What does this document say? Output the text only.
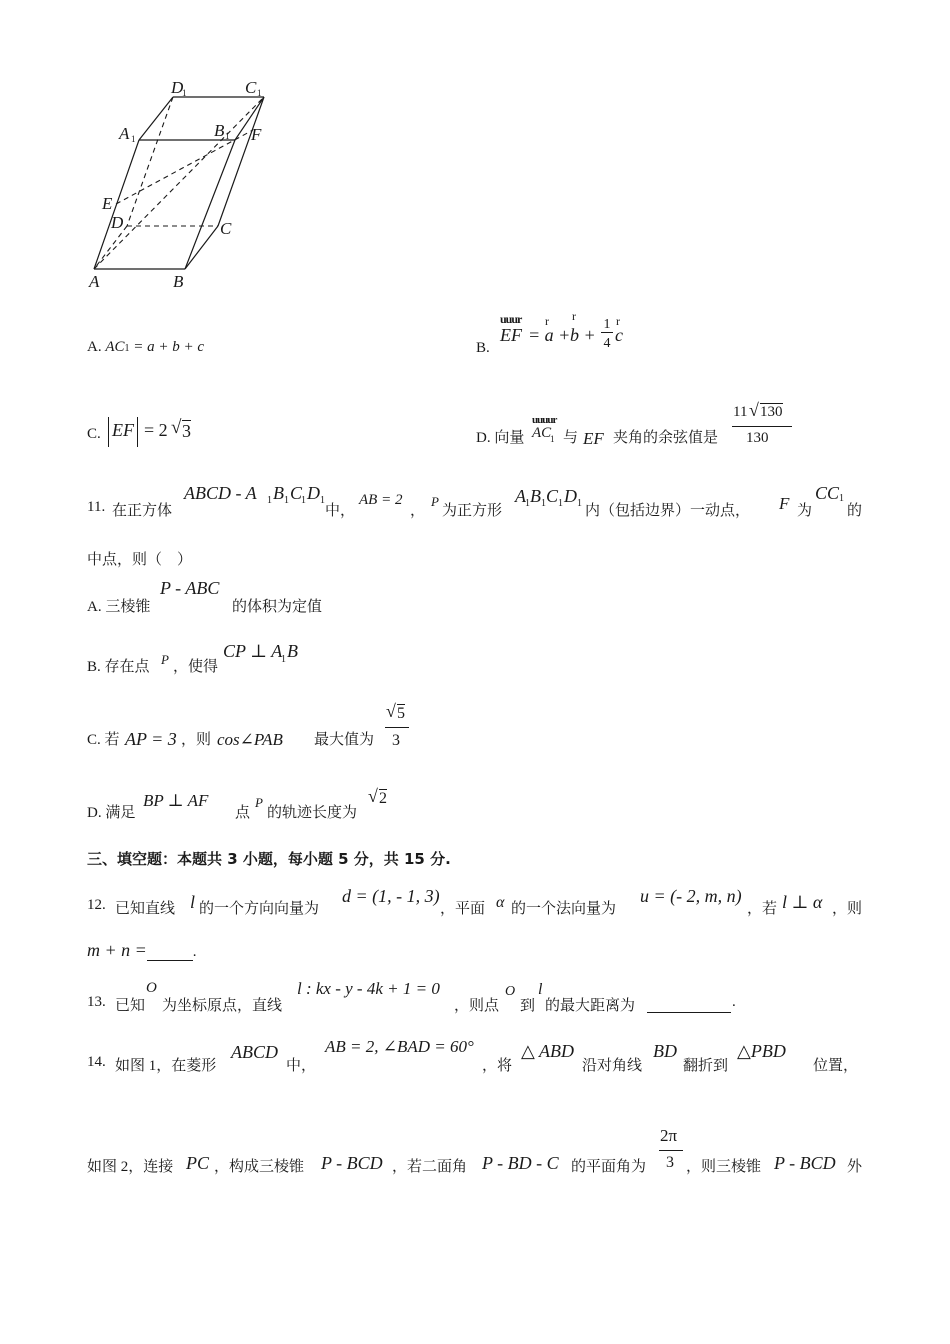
D
1	C 1
A 1	B 1 F
E
D	C
A	B
A. AC1 = a + b + c	B.
uuur
EF
r r	r
= a + b +
1
4 c
C. EF = 2 √ 3	D. 向量
uuuur
AC
1 与 EF 夹角的余弦值是
11 √ 130
130
11. 在正方体
ABCD - A 1 B 1 C
1 D 1
中，
AB = 2
，
P
为正方形
A 1 B 1 C 1 D 1 内（包括边界）一动点， F 为
CC 1
的
中点，则（　）
A. 三棱锥
P - ABC
的体积为定值
B. 存在点 P ，使得
CP ⊥ A
1 B
C. 若 AP = 3 ，则 cos∠PAB 最大值为
√ 5
3
D. 满足
BP ⊥ AF
点
P
的轨迹长度为
√ 2
三、填空题：本题共 3 小题，每小题 5 分，共 15 分.
12. 已知直线 l 的一个方向向量为
d = (1, - 1, 3)
，平面 α 的一个法向量为
u = (- 2, m, n)
，若 l ⊥ α ，则
m + n =	.
13. 已知
O
为坐标原点，直线
l : kx - y - 4k + 1 = 0
，则点
O
到
l
的最大距离为	.
14. 如图 1，在菱形
ABCD
中，
AB = 2, ∠BAD = 60°
，将
△ ABD
沿对角线
BD
翻折到
△PBD
位置，
如图 2，连接 PC ，构成三棱锥 P - BCD ，若二面角 P - BD - C 的平面角为
2π
3 ，则三棱锥 P - BCD 外
